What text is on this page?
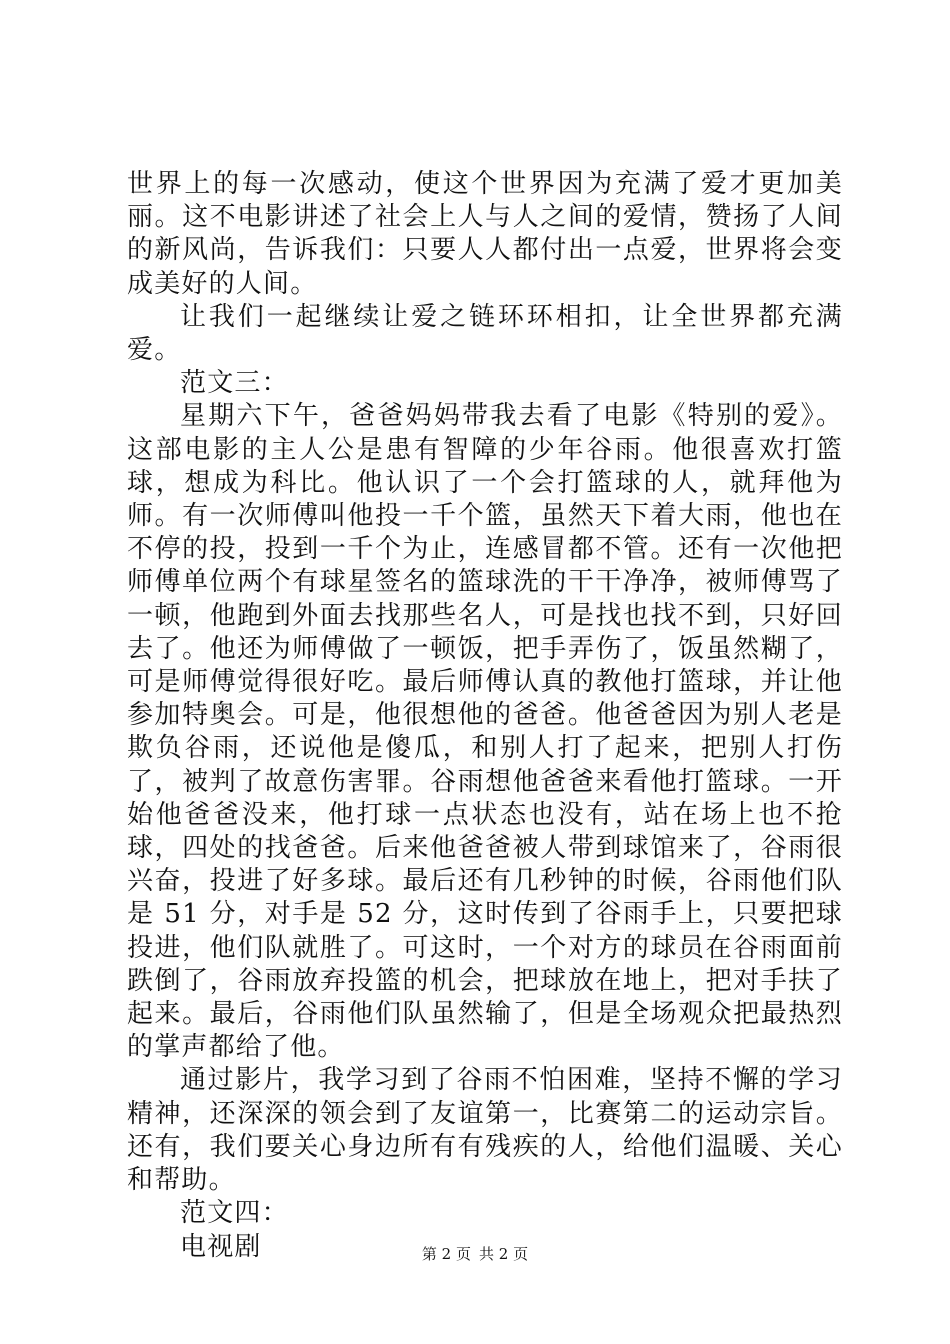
世界上的每一次感动，使这个世界因为充满了爱才更加美丽。这不电影讲述了社会上人与人之间的爱情，赞扬了人间的新风尚，告诉我们：只要人人都付出一点爱，世界将会变成美好的人间。

让我们一起继续让爱之链环环相扣，让全世界都充满爱。

范文三：

星期六下午，爸爸妈妈带我去看了电影《特别的爱》。这部电影的主人公是患有智障的少年谷雨。他很喜欢打篮球，想成为科比。他认识了一个会打篮球的人，就拜他为师。有一次师傅叫他投一千个篮，虽然天下着大雨，他也在不停的投，投到一千个为止，连感冒都不管。还有一次他把师傅单位两个有球星签名的篮球洗的干干净净，被师傅骂了一顿，他跑到外面去找那些名人，可是找也找不到，只好回去了。他还为师傅做了一顿饭，把手弄伤了，饭虽然糊了，可是师傅觉得很好吃。最后师傅认真的教他打篮球，并让他参加特奥会。可是，他很想他的爸爸。他爸爸因为别人老是欺负谷雨，还说他是傻瓜，和别人打了起来，把别人打伤了，被判了故意伤害罪。谷雨想他爸爸来看他打篮球。一开始他爸爸没来，他打球一点状态也没有，站在场上也不抢球，四处的找爸爸。后来他爸爸被人带到球馆来了，谷雨很兴奋，投进了好多球。最后还有几秒钟的时候，谷雨他们队是 51 分，对手是 52 分，这时传到了谷雨手上，只要把球投进，他们队就胜了。可这时，一个对方的球员在谷雨面前跌倒了，谷雨放弃投篮的机会，把球放在地上，把对手扶了起来。最后，谷雨他们队虽然输了，但是全场观众把最热烈的掌声都给了他。

通过影片，我学习到了谷雨不怕困难，坚持不懈的学习精神，还深深的领会到了友谊第一，比赛第二的运动宗旨。还有，我们要关心身边所有有残疾的人，给他们温暖、关心和帮助。

范文四：

电视剧	第 2 页 共 2 页
